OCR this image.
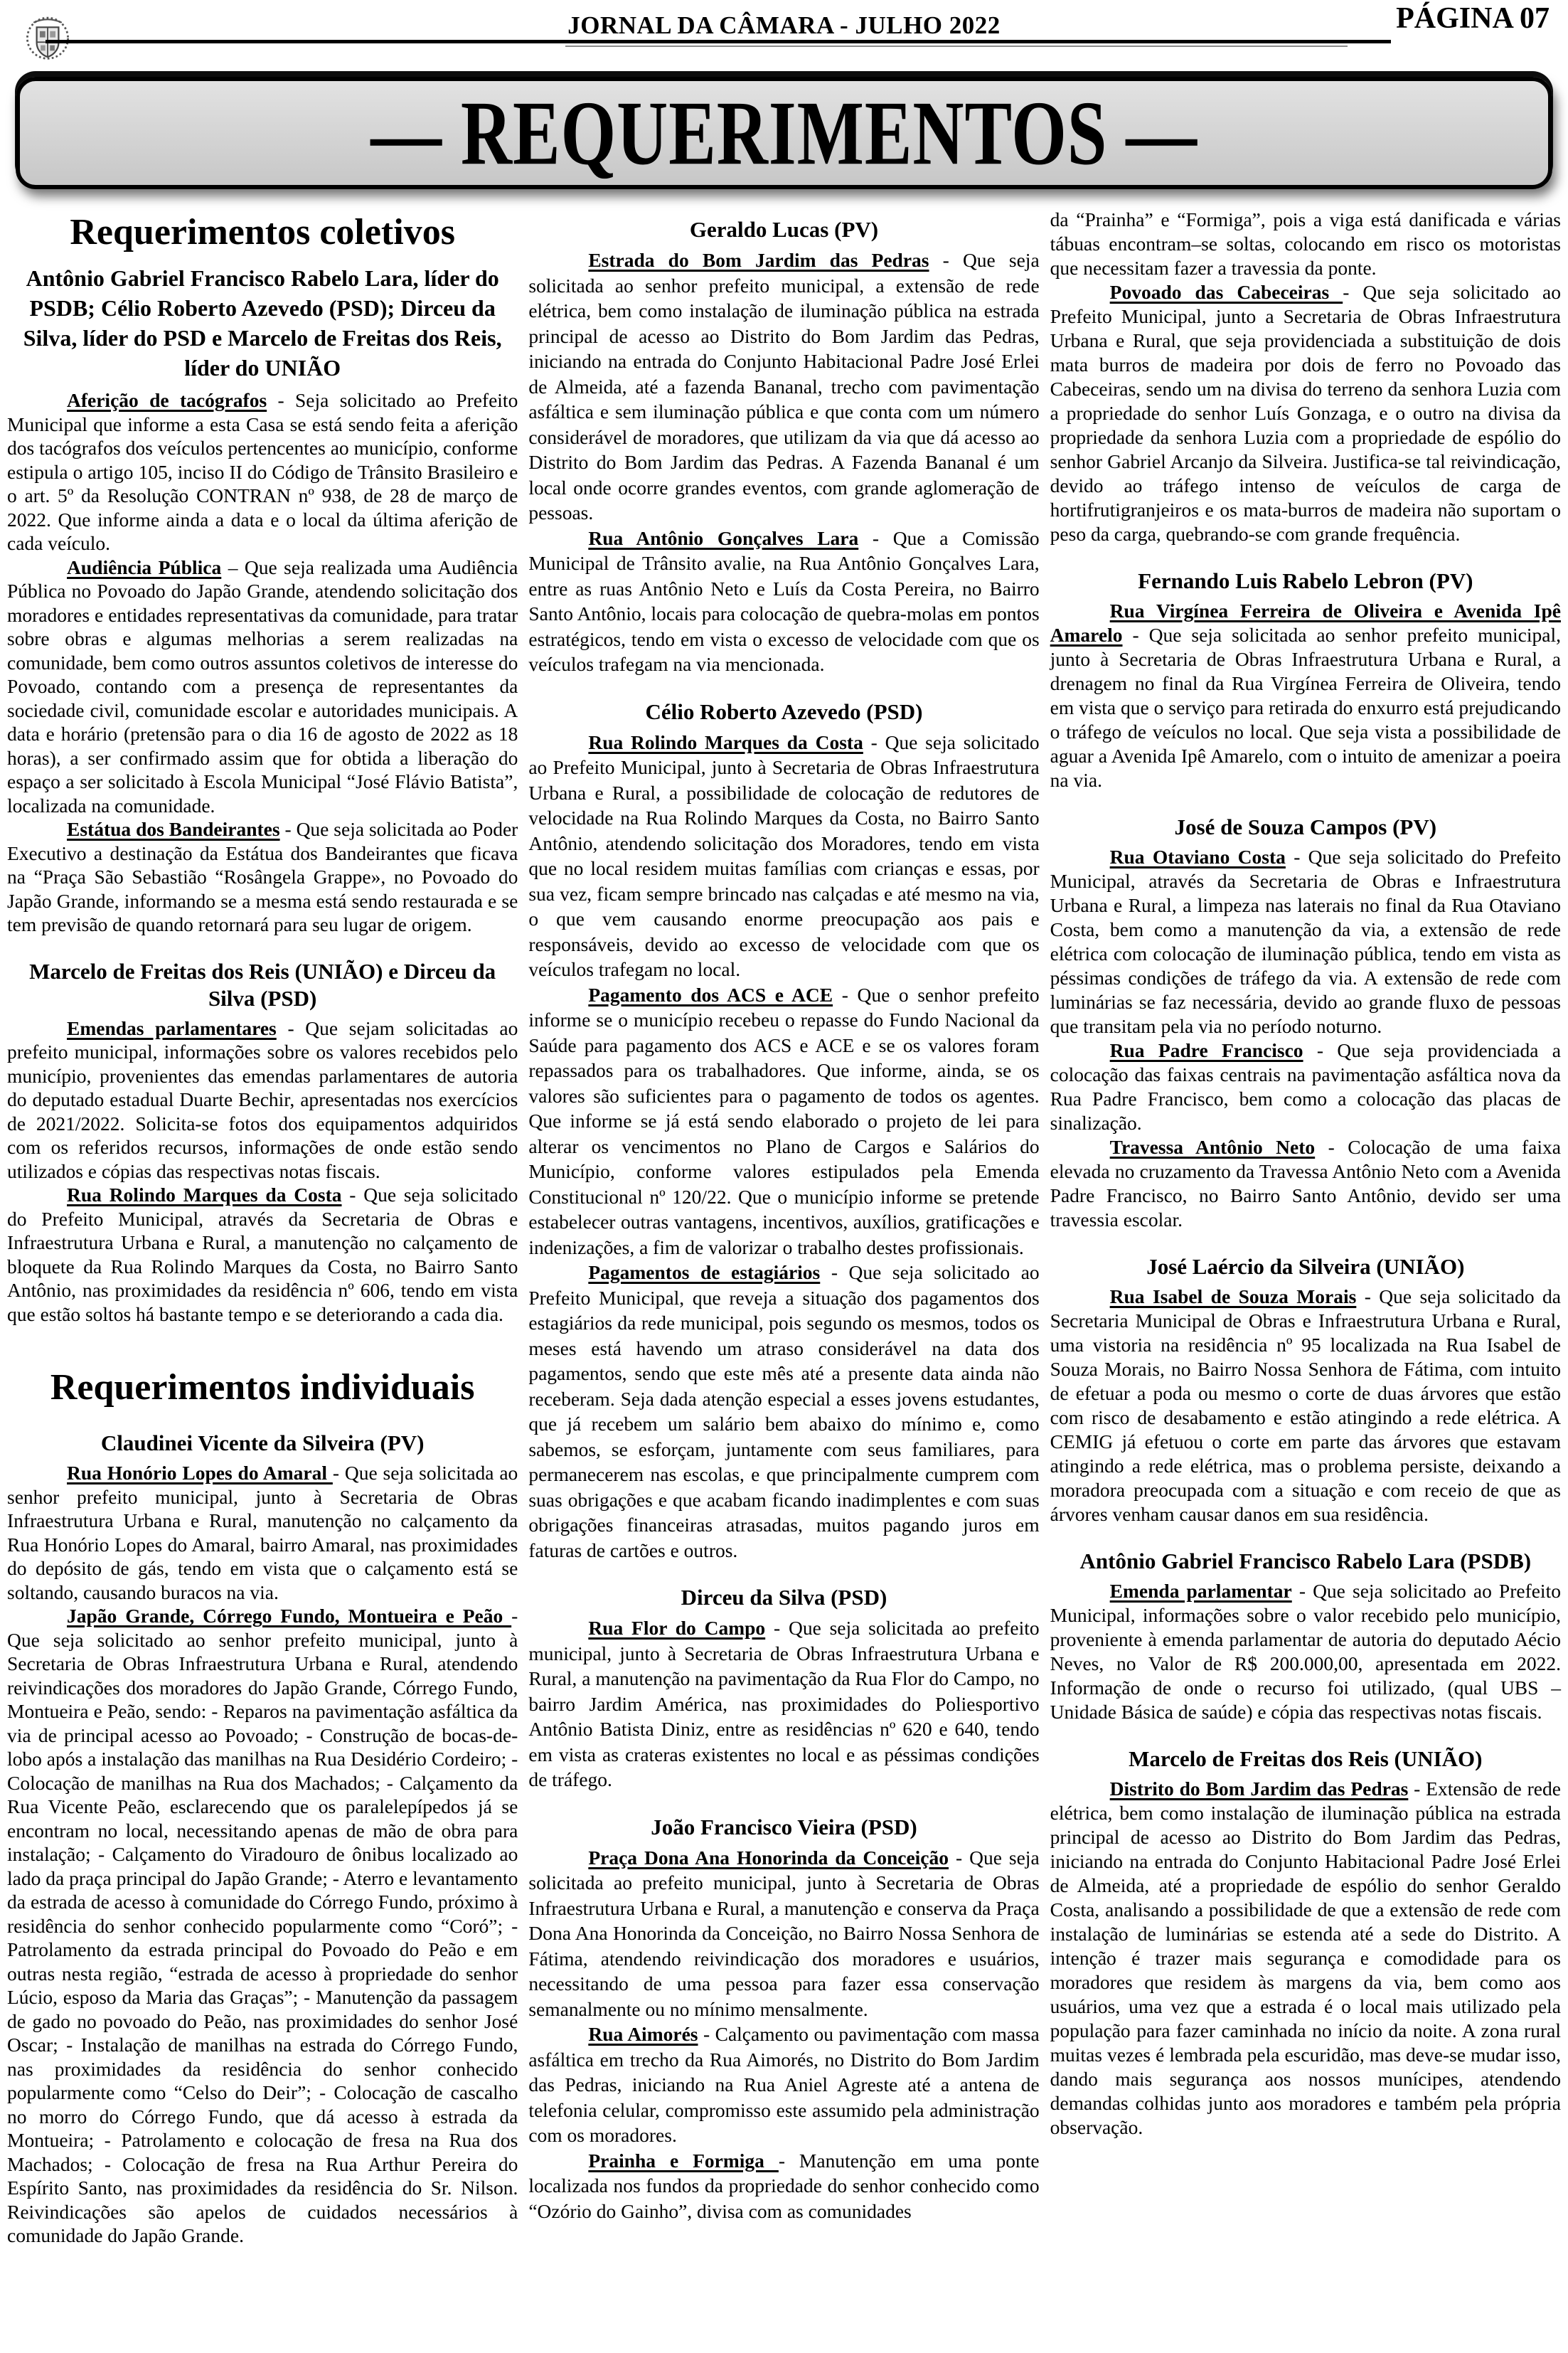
JORNAL DA CÂMARA - JULHO 2022	PÁGINA 07
— REQUERIMENTOS —
Requerimentos coletivos

Antônio Gabriel Francisco Rabelo Lara, líder do PSDB; Célio Roberto Azevedo (PSD); Dirceu da Silva, líder do PSD e Marcelo de Freitas dos Reis, líder do UNIÃO

Aferição de tacógrafos - Seja solicitado ao Prefeito Municipal que informe a esta Casa se está sendo feita a aferição dos tacógrafos dos veículos pertencentes ao município, conforme estipula o artigo 105, inciso II do Código de Trânsito Brasileiro e o art. 5º da Resolução CONTRAN nº 938, de 28 de março de 2022. Que informe ainda a data e o local da última aferição de cada veículo.

Audiência Pública – Que seja realizada uma Audiência Pública no Povoado do Japão Grande, atendendo solicitação dos moradores e entidades representativas da comunidade, para tratar sobre obras e algumas melhorias a serem realizadas na comunidade, bem como outros assuntos coletivos de interesse do Povoado, contando com a presença de representantes da sociedade civil, comunidade escolar e autoridades municipais. A data e horário (pretensão para o dia 16 de agosto de 2022 as 18 horas), a ser confirmado assim que for obtida a liberação do espaço a ser solicitado à Escola Municipal “José Flávio Batista”, localizada na comunidade.

Estátua dos Bandeirantes - Que seja solicitada ao Poder Executivo a destinação da Estátua dos Bandeirantes que ficava na “Praça São Sebastião “Rosângela Grappe», no Povoado do Japão Grande, informando se a mesma está sendo restaurada e se tem previsão de quando retornará para seu lugar de origem.

Marcelo de Freitas dos Reis (UNIÃO) e Dirceu da Silva (PSD)

Emendas parlamentares - Que sejam solicitadas ao prefeito municipal, informações sobre os valores recebidos pelo município, provenientes das emendas parlamentares de autoria do deputado estadual Duarte Bechir, apresentadas nos exercícios de 2021/2022. Solicita-se fotos dos equipamentos adquiridos com os referidos recursos, informações de onde estão sendo utilizados e cópias das respectivas notas fiscais.

Rua Rolindo Marques da Costa - Que seja solicitado do Prefeito Municipal, através da Secretaria de Obras e Infraestrutura Urbana e Rural, a manutenção no calçamento de bloquete da Rua Rolindo Marques da Costa, no Bairro Santo Antônio, nas proximidades da residência nº 606, tendo em vista que estão soltos há bastante tempo e se deteriorando a cada dia.

Requerimentos individuais

Claudinei Vicente da Silveira (PV)

Rua Honório Lopes do Amaral - Que seja solicitada ao senhor prefeito municipal, junto à Secretaria de Obras Infraestrutura Urbana e Rural, manutenção no calçamento da Rua Honório Lopes do Amaral, bairro Amaral, nas proximidades do depósito de gás, tendo em vista que o calçamento está se soltando, causando buracos na via.

Japão Grande, Córrego Fundo, Montueira e Peão - Que seja solicitado ao senhor prefeito municipal, junto à Secretaria de Obras Infraestrutura Urbana e Rural, atendendo reivindicações dos moradores do Japão Grande, Córrego Fundo, Montueira e Peão, sendo: - Reparos na pavimentação asfáltica da via de principal acesso ao Povoado; - Construção de bocas-de-lobo após a instalação das manilhas na Rua Desidério Cordeiro; - Colocação de manilhas na Rua dos Machados; - Calçamento da Rua Vicente Peão, esclarecendo que os paralelepípedos já se encontram no local, necessitando apenas de mão de obra para instalação; - Calçamento do Viradouro de ônibus localizado ao lado da praça principal do Japão Grande; - Aterro e levantamento da estrada de acesso à comunidade do Córrego Fundo, próximo à residência do senhor conhecido popularmente como “Coró”; - Patrolamento da estrada principal do Povoado do Peão e em outras nesta região, “estrada de acesso à propriedade do senhor Lúcio, esposo da Maria das Graças”; - Manutenção da passagem de gado no povoado do Peão, nas proximidades do senhor José Oscar; - Instalação de manilhas na estrada do Córrego Fundo, nas proximidades da residência do senhor conhecido popularmente como “Celso do Deir”; - Colocação de cascalho no morro do Córrego Fundo, que dá acesso à estrada da Montueira; - Patrolamento e colocação de fresa na Rua dos Machados; - Colocação de fresa na Rua Arthur Pereira do Espírito Santo, nas proximidades da residência do Sr. Nilson. Reivindicações são apelos de cuidados necessários à comunidade do Japão Grande.

Geraldo Lucas (PV)

Estrada do Bom Jardim das Pedras - Que seja solicitada ao senhor prefeito municipal, a extensão de rede elétrica, bem como instalação de iluminação pública na estrada principal de acesso ao Distrito do Bom Jardim das Pedras, iniciando na entrada do Conjunto Habitacional Padre José Erlei de Almeida, até a fazenda Bananal, trecho com pavimentação asfáltica e sem iluminação pública e que conta com um número considerável de moradores, que utilizam da via que dá acesso ao Distrito do Bom Jardim das Pedras. A Fazenda Bananal é um local onde ocorre grandes eventos, com grande aglomeração de pessoas.

Rua Antônio Gonçalves Lara - Que a Comissão Municipal de Trânsito avalie, na Rua Antônio Gonçalves Lara, entre as ruas Antônio Neto e Luís da Costa Pereira, no Bairro Santo Antônio, locais para colocação de quebra-molas em pontos estratégicos, tendo em vista o excesso de velocidade com que os veículos trafegam na via mencionada.

Célio Roberto Azevedo (PSD)

Rua Rolindo Marques da Costa - Que seja solicitado ao Prefeito Municipal, junto à Secretaria de Obras Infraestrutura Urbana e Rural, a possibilidade de colocação de redutores de velocidade na Rua Rolindo Marques da Costa, no Bairro Santo Antônio, atendendo solicitação dos Moradores, tendo em vista que no local residem muitas famílias com crianças e essas, por sua vez, ficam sempre brincado nas calçadas e até mesmo na via, o que vem causando enorme preocupação aos pais e responsáveis, devido ao excesso de velocidade com que os veículos trafegam no local.

Pagamento dos ACS e ACE - Que o senhor prefeito informe se o município recebeu o repasse do Fundo Nacional da Saúde para pagamento dos ACS e ACE e se os valores foram repassados para os trabalhadores. Que informe, ainda, se os valores são suficientes para o pagamento de todos os agentes. Que informe se já está sendo elaborado o projeto de lei para alterar os vencimentos no Plano de Cargos e Salários do Município, conforme valores estipulados pela Emenda Constitucional nº 120/22. Que o município informe se pretende estabelecer outras vantagens, incentivos, auxílios, gratificações e indenizações, a fim de valorizar o trabalho destes profissionais.

Pagamentos de estagiários - Que seja solicitado ao Prefeito Municipal, que reveja a situação dos pagamentos dos estagiários da rede municipal, pois segundo os mesmos, todos os meses está havendo um atraso considerável na data dos pagamentos, sendo que este mês até a presente data ainda não receberam. Seja dada atenção especial a esses jovens estudantes, que já recebem um salário bem abaixo do mínimo e, como sabemos, se esforçam, juntamente com seus familiares, para permanecerem nas escolas, e que principalmente cumprem com suas obrigações e que acabam ficando inadimplentes e com suas obrigações financeiras atrasadas, muitos pagando juros em faturas de cartões e outros.

Dirceu da Silva (PSD)

Rua Flor do Campo - Que seja solicitada ao prefeito municipal, junto à Secretaria de Obras Infraestrutura Urbana e Rural, a manutenção na pavimentação da Rua Flor do Campo, no bairro Jardim América, nas proximidades do Poliesportivo Antônio Batista Diniz, entre as residências nº 620 e 640, tendo em vista as crateras existentes no local e as péssimas condições de tráfego.

João Francisco Vieira (PSD)

Praça Dona Ana Honorinda da Conceição - Que seja solicitada ao prefeito municipal, junto à Secretaria de Obras Infraestrutura Urbana e Rural, a manutenção e conserva da Praça Dona Ana Honorinda da Conceição, no Bairro Nossa Senhora de Fátima, atendendo reivindicação dos moradores e usuários, necessitando de uma pessoa para fazer essa conservação semanalmente ou no mínimo mensalmente.

Rua Aimorés - Calçamento ou pavimentação com massa asfáltica em trecho da Rua Aimorés, no Distrito do Bom Jardim das Pedras, iniciando na Rua Aniel Agreste até a antena de telefonia celular, compromisso este assumido pela administração com os moradores.

Prainha e Formiga - Manutenção em uma ponte localizada nos fundos da propriedade do senhor conhecido como “Ozório do Gainho”, divisa com as comunidades

da “Prainha” e “Formiga”, pois a viga está danificada e várias tábuas encontram–se soltas, colocando em risco os motoristas que necessitam fazer a travessia da ponte.

Povoado das Cabeceiras - Que seja solicitado ao Prefeito Municipal, junto a Secretaria de Obras Infraestrutura Urbana e Rural, que seja providenciada a substituição de dois mata burros de madeira por dois de ferro no Povoado das Cabeceiras, sendo um na divisa do terreno da senhora Luzia com a propriedade do senhor Luís Gonzaga, e o outro na divisa da propriedade da senhora Luzia com a propriedade de espólio do senhor Gabriel Arcanjo da Silveira. Justifica-se tal reivindicação, devido ao tráfego intenso de veículos de carga de hortifrutigranjeiros e os mata-burros de madeira não suportam o peso da carga, quebrando-se com grande frequência.

Fernando Luis Rabelo Lebron (PV)

Rua Virgínea Ferreira de Oliveira e Avenida Ipê Amarelo - Que seja solicitada ao senhor prefeito municipal, junto à Secretaria de Obras Infraestrutura Urbana e Rural, a drenagem no final da Rua Virgínea Ferreira de Oliveira, tendo em vista que o serviço para retirada do enxurro está prejudicando o tráfego de veículos no local. Que seja vista a possibilidade de aguar a Avenida Ipê Amarelo, com o intuito de amenizar a poeira na via.

José de Souza Campos (PV)

Rua Otaviano Costa - Que seja solicitado do Prefeito Municipal, através da Secretaria de Obras e Infraestrutura Urbana e Rural, a limpeza nas laterais no final da Rua Otaviano Costa, bem como a manutenção da via, a extensão de rede elétrica com colocação de iluminação pública, tendo em vista as péssimas condições de tráfego da via. A extensão de rede com luminárias se faz necessária, devido ao grande fluxo de pessoas que transitam pela via no período noturno.

Rua Padre Francisco - Que seja providenciada a colocação das faixas centrais na pavimentação asfáltica nova da Rua Padre Francisco, bem como a colocação das placas de sinalização.

Travessa Antônio Neto - Colocação de uma faixa elevada no cruzamento da Travessa Antônio Neto com a Avenida Padre Francisco, no Bairro Santo Antônio, devido ser uma travessia escolar.

José Laércio da Silveira (UNIÃO)

Rua Isabel de Souza Morais - Que seja solicitado da Secretaria Municipal de Obras e Infraestrutura Urbana e Rural, uma vistoria na residência nº 95 localizada na Rua Isabel de Souza Morais, no Bairro Nossa Senhora de Fátima, com intuito de efetuar a poda ou mesmo o corte de duas árvores que estão com risco de desabamento e estão atingindo a rede elétrica. A CEMIG já efetuou o corte em parte das árvores que estavam atingindo a rede elétrica, mas o problema persiste, deixando a moradora preocupada com a situação e com receio de que as árvores venham causar danos em sua residência.

Antônio Gabriel Francisco Rabelo Lara (PSDB)

Emenda parlamentar - Que seja solicitado ao Prefeito Municipal, informações sobre o valor recebido pelo município, proveniente à emenda parlamentar de autoria do deputado Aécio Neves, no Valor de R$ 200.000,00, apresentada em 2022. Informação de onde o recurso foi utilizado, (qual UBS – Unidade Básica de saúde) e cópia das respectivas notas fiscais.

Marcelo de Freitas dos Reis (UNIÃO)

Distrito do Bom Jardim das Pedras - Extensão de rede elétrica, bem como instalação de iluminação pública na estrada principal de acesso ao Distrito do Bom Jardim das Pedras, iniciando na entrada do Conjunto Habitacional Padre José Erlei de Almeida, até a propriedade de espólio do senhor Geraldo Costa, analisando a possibilidade de que a extensão de rede com instalação de luminárias se estenda até a sede do Distrito. A intenção é trazer mais segurança e comodidade para os moradores que residem às margens da via, bem como aos usuários, uma vez que a estrada é o local mais utilizado pela população para fazer caminhada no início da noite. A zona rural muitas vezes é lembrada pela escuridão, mas deve-se mudar isso, dando mais segurança aos nossos munícipes, atendendo demandas colhidas junto aos moradores e também pela própria observação.
